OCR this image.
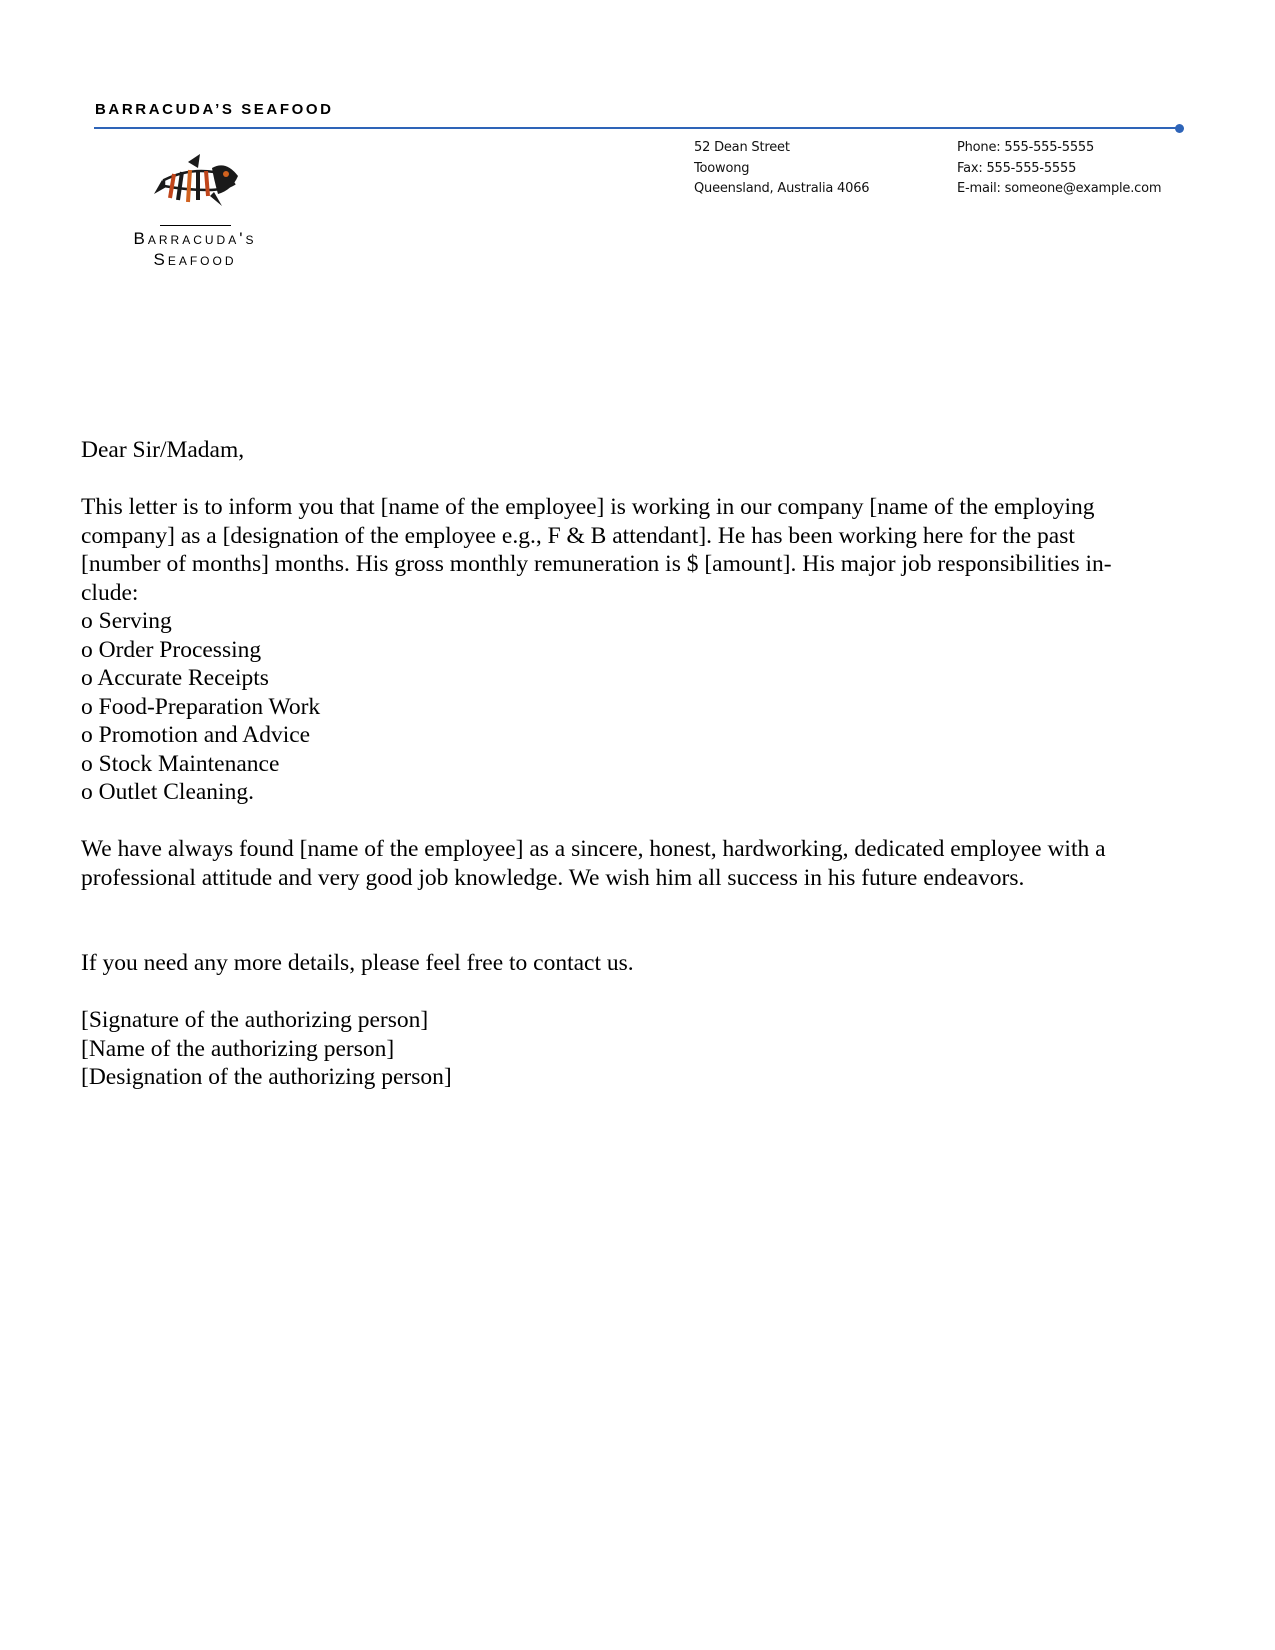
BARRACUDA’S SEAFOOD
Barracuda's
Seafood
52 Dean Street
Toowong
Queensland, Australia 4066
Phone: 555-555-5555
Fax: 555-555-5555
E-mail: someone@example.com

Dear Sir/Madam,

This letter is to inform you that [name of the employee] is working in our company [name of the employing
company] as a [designation of the employee e.g., F & B attendant]. He has been working here for the past
[number of months] months. His gross monthly remuneration is $ [amount]. His major job responsibilities in-
clude:

o Serving
o Order Processing
o Accurate Receipts
o Food-Preparation Work
o Promotion and Advice
o Stock Maintenance
o Outlet Cleaning.

We have always found [name of the employee] as a sincere, honest, hardworking, dedicated employee with a
professional attitude and very good job knowledge. We wish him all success in his future endeavors.

If you need any more details, please feel free to contact us.

[Signature of the authorizing person]
[Name of the authorizing person]
[Designation of the authorizing person]
